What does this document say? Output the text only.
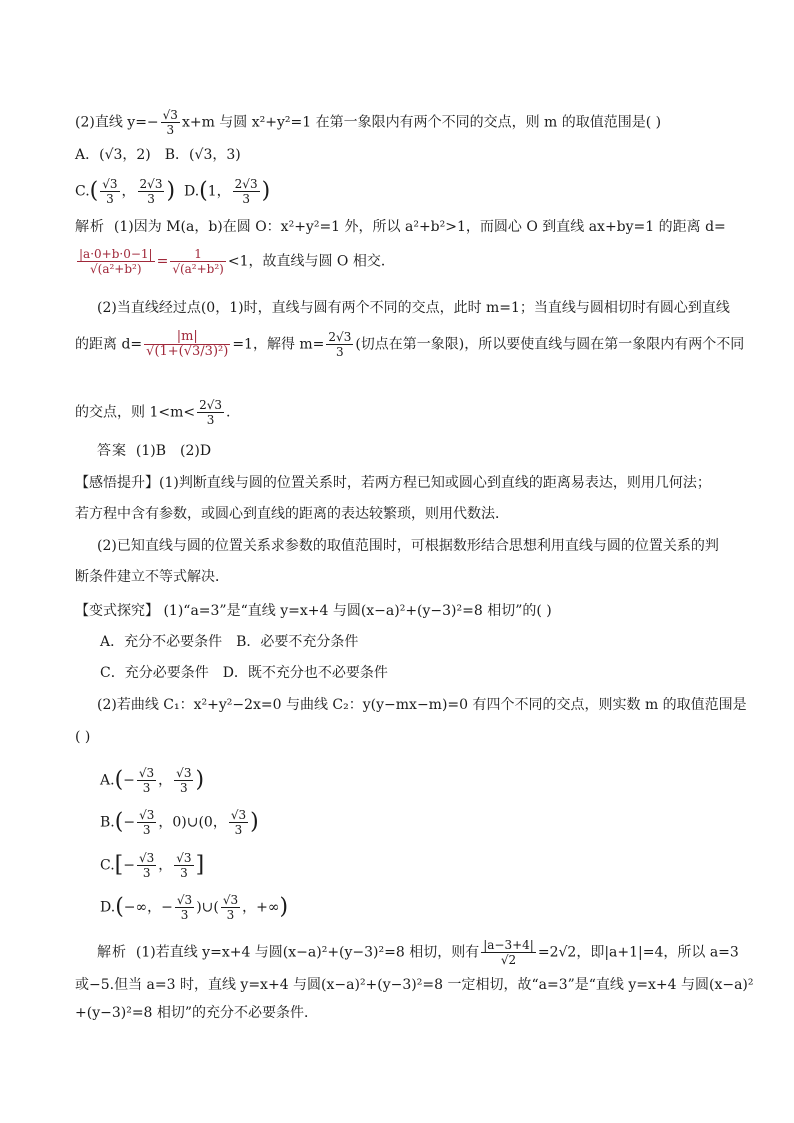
(2)直线 $y=- \frac{√3}{3} x+m$ 与圆 x²+y²=1 在第一象限内有两个不同的交点，则 m 的取值范围是( )
A．(√3，2)　B．(√3，3)
$C.( \frac{√3}{3}$ ， $\frac{2√3}{3}$ ) D.(1， $\frac{2√3}{3}$ )
解析 (1)因为 M(a，b)在圆 O：x²+y²=1 外，所以 a²+b²>1，而圆心 O 到直线 ax+by=1 的距离 d=
$\frac{|a\cdot 0+b\cdot 0-1|}{\text{√(a²+b²)}} = \frac{1}{\text{√(a²+b²)}} <1$，故直线与圆 O 相交．
(2)当直线经过点(0，1)时，直线与圆有两个不同的交点，此时 m=1；当直线与圆相切时有圆心到直线
的距离 $d= \frac{|m|}{\text{√(1+(√3/3)²)}} =1$，解得 $m= \frac{2√3}{3}$ (切点在第一象限)，所以要使直线与圆在第一象限内有两个不同
的交点，则 $1<m< \frac{2√3}{3}$ .
答案 (1)B　(2)D
【感悟提升】(1)判断直线与圆的位置关系时，若两方程已知或圆心到直线的距离易表达，则用几何法；
若方程中含有参数，或圆心到直线的距离的表达较繁琐，则用代数法．
(2)已知直线与圆的位置关系求参数的取值范围时，可根据数形结合思想利用直线与圆的位置关系的判
断条件建立不等式解决．
【变式探究】 (1)“a=3”是“直线 y=x+4 与圆(x−a)²+(y−3)²=8 相切”的( )
A．充分不必要条件　B．必要不充分条件
C．充分必要条件　D．既不充分也不必要条件
(2)若曲线 C₁：x²+y²−2x=0 与曲线 C₂：y(y−mx−m)=0 有四个不同的交点，则实数 m 的取值范围是
( )
$A.(- \frac{√3}{3}$ ， $\frac{√3}{3}$ )
$B.(- \frac{√3}{3}$ ，0)∪(0， $\frac{√3}{3}$ )
$C.[- \frac{√3}{3}$ ， $\frac{√3}{3}$ ]
D.(−∞，− $\frac{√3}{3}$ )∪( $\frac{√3}{3}$ ，+∞)
解析 (1)若直线 y=x+4 与圆(x−a)²+(y−3)²=8 相切，则有 $\frac{|a-3+4|}{√2} =2√2$，即|a+1|=4，所以 a=3
或−5.但当 a=3 时，直线 y=x+4 与圆(x−a)²+(y−3)²=8 一定相切，故“a=3”是“直线 y=x+4 与圆(x−a)²
+(y−3)²=8 相切”的充分不必要条件．
